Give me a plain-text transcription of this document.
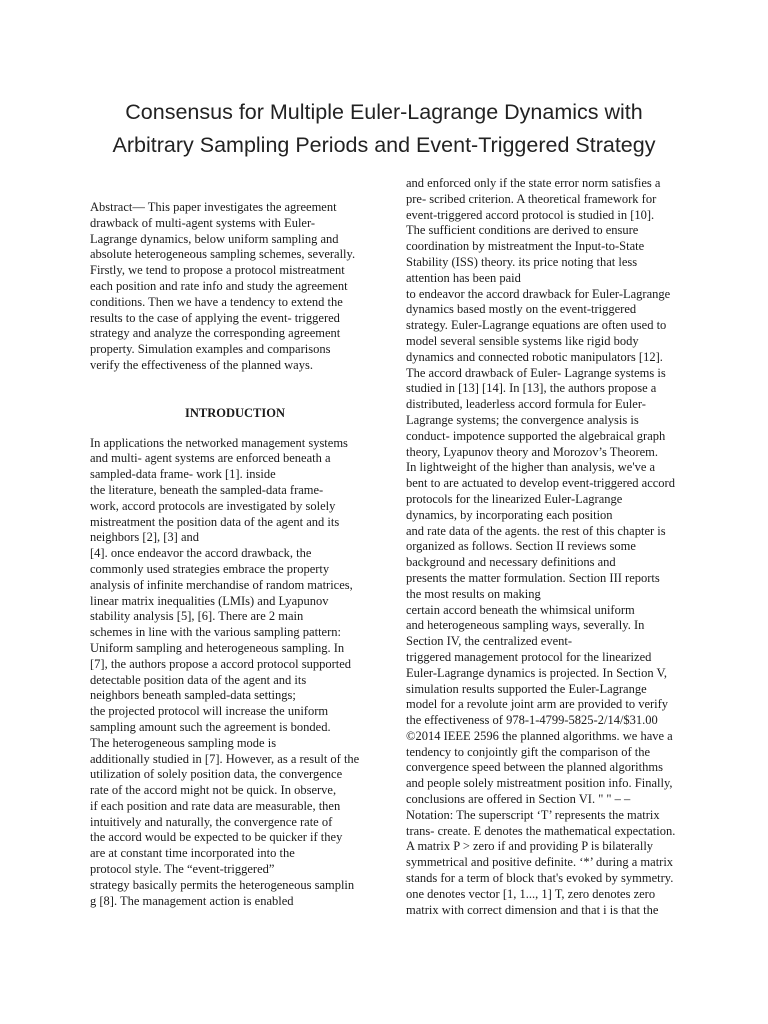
Consensus for Multiple Euler-Lagrange Dynamics with
Arbitrary Sampling Periods and Event-Triggered Strategy
Abstract— This paper investigates the agreement
drawback of multi-agent systems with Euler-
Lagrange dynamics, below uniform sampling and
absolute heterogeneous sampling schemes, severally.
Firstly, we tend to propose a protocol mistreatment
each position and rate info and study the agreement
conditions. Then we have a tendency to extend the
results to the case of applying the event- triggered
strategy and analyze the corresponding agreement
property. Simulation examples and comparisons
verify the effectiveness of the planned ways.
INTRODUCTION
In applications the networked management systems
and multi- agent systems are enforced beneath a
sampled-data frame- work [1]. inside
the literature, beneath the sampled-data frame-
work, accord protocols are investigated by solely
mistreatment the position data of the agent and its
neighbors [2], [3] and
[4]. once endeavor the accord drawback, the
commonly used strategies embrace the property
analysis of infinite merchandise of random matrices,
linear matrix inequalities (LMIs) and Lyapunov
stability analysis [5], [6]. There are 2 main
schemes in line with the various sampling pattern:
Uniform sampling and heterogeneous sampling. In
[7], the authors propose a accord protocol supported
detectable position data of the agent and its
neighbors beneath sampled-data settings;
the projected protocol will increase the uniform
sampling amount such the agreement is bonded.
The heterogeneous sampling mode is
additionally studied in [7]. However, as a result of the
utilization of solely position data, the convergence
rate of the accord might not be quick. In observe,
if each position and rate data are measurable, then
intuitively and naturally, the convergence rate of
the accord would be expected to be quicker if they
are at constant time incorporated into the
protocol style. The “event-triggered”
strategy basically permits the heterogeneous samplin
g [8]. The management action is enabled
and enforced only if the state error norm satisfies a
pre- scribed criterion. A theoretical framework for
event-triggered accord protocol is studied in [10].
The sufficient conditions are derived to ensure
coordination by mistreatment the Input-to-State
Stability (ISS) theory. its price noting that less
attention has been paid
to endeavor the accord drawback for Euler-Lagrange
dynamics based mostly on the event-triggered
strategy. Euler-Lagrange equations are often used to
model several sensible systems like rigid body
dynamics and connected robotic manipulators [12].
The accord drawback of Euler- Lagrange systems is
studied in [13] [14]. In [13], the authors propose a
distributed, leaderless accord formula for Euler-
Lagrange systems; the convergence analysis is
conduct- impotence supported the algebraical graph
theory, Lyapunov theory and Morozov’s Theorem.
In lightweight of the higher than analysis, we've a
bent to are actuated to develop event-triggered accord
protocols for the linearized Euler-Lagrange
dynamics, by incorporating each position
and rate data of the agents. the rest of this chapter is
organized as follows. Section II reviews some
background and necessary definitions and
presents the matter formulation. Section III reports
the most results on making
certain accord beneath the whimsical uniform
and heterogeneous sampling ways, severally. In
Section IV, the centralized event-
triggered management protocol for the linearized
Euler-Lagrange dynamics is projected. In Section V,
simulation results supported the Euler-Lagrange
model for a revolute joint arm are provided to verify
the effectiveness of 978-1-4799-5825-2/14/$31.00
©2014 IEEE 2596 the planned algorithms. we have a
tendency to conjointly gift the comparison of the
convergence speed between the planned algorithms
and people solely mistreatment position info. Finally,
conclusions are offered in Section VI. " " – –
Notation: The superscript ‘T’ represents the matrix
trans- create. E denotes the mathematical expectation.
A matrix P > zero if and providing P is bilaterally
symmetrical and positive definite. ‘*’ during a matrix
stands for a term of block that's evoked by symmetry.
one denotes vector [1, 1..., 1] T, zero denotes zero
matrix with correct dimension and that i is that the
